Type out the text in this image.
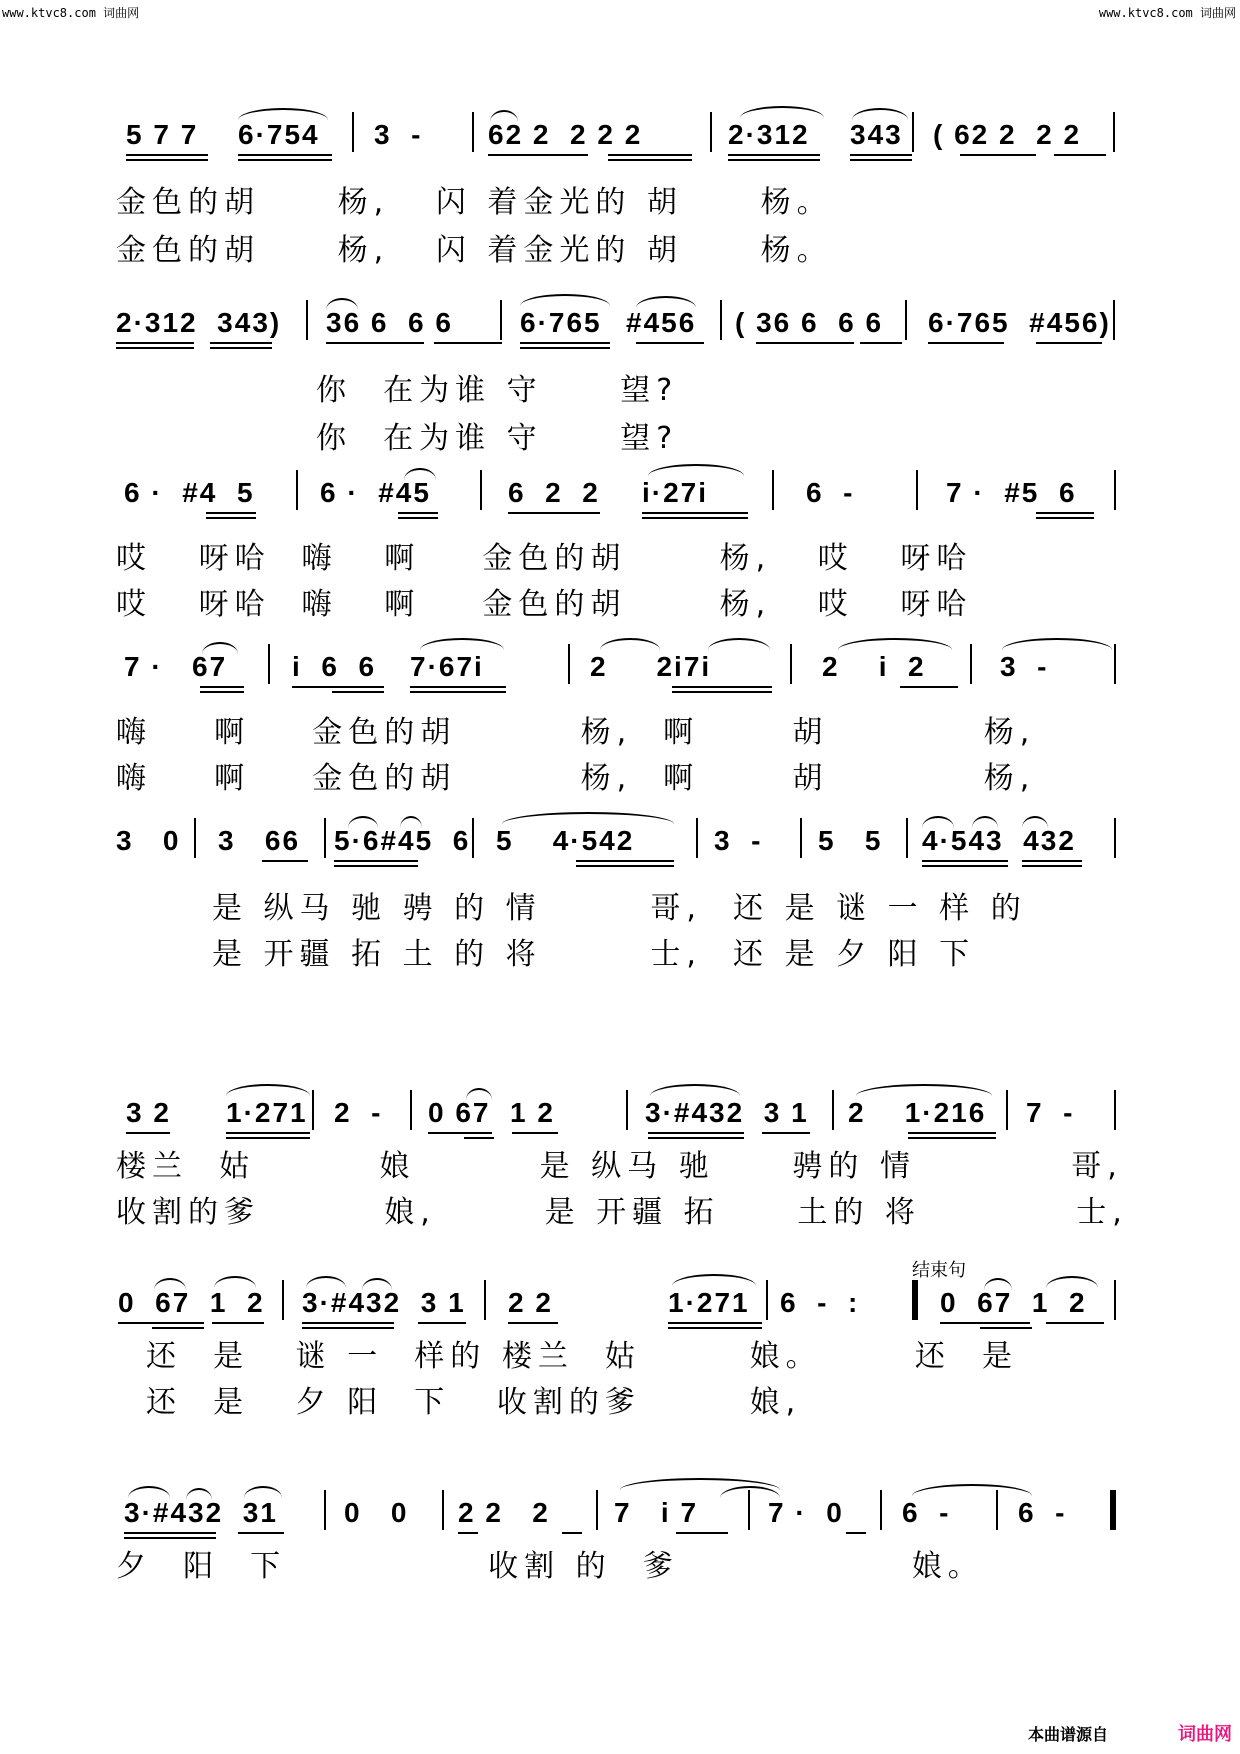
www.ktvc8.com 词曲网	www.ktvc8.com 词曲网
5 7 7 6·754 3  - 62 2  2 2 2	2·312 343 ( 62 2  2 2
金色的胡     杨,   闪 着金光的 胡     杨。
金色的胡     杨,   闪 着金光的 胡     杨。
2·312  343) 36 6  6 6 6·765 #456 ( 36 6  6 6 6·765  #456)
你  在为谁 守     望?
你  在为谁 守     望?
6 ·  #4  5 6 ·  #45	6  2  2 i·27i	6  -	7 ·  #5  6
哎   呀哈  嗨   啊    金色的胡      杨,   哎   呀哈
哎   呀哈  嗨   啊    金色的胡      杨,   哎   呀哈
7 ·   67 i  6  6 7·67i	2     2i7i	2    i  2	3  -
嗨    啊    金色的胡        杨,  啊      胡          杨,
嗨    啊    金色的胡        杨,  啊      胡          杨,
3   0 3   66 5·6#45  6 5    4·542	3  - 5   5 4·543  432
是 纵马 驰 骋 的 情       哥,  还 是 谜 一 样 的
是 开疆 拓 土 的 将       士,  还 是 夕 阳 下
3 2 1·271 2  - 0 67  1 2	3·#432  3 1 2    1·216 7  -
楼兰  姑        娘        是 纵马 驰     骋的 情          哥,
收割的爹        娘,       是 开疆 拓     土的 将          士,
0  67  1  2 3·#432  3 1 2 2	1·271 6  -  :	0  67  1  2
结束句
还  是   谜 一  样的 楼兰  姑       娘。      还  是
还  是   夕 阳  下   收割的爹       娘,
3·#432  31 0   0 2 2   2 7   i 7 7 ·  0 6  - 6  -
夕  阳  下             收割 的  爹               娘。
本曲谱源自	词曲网
